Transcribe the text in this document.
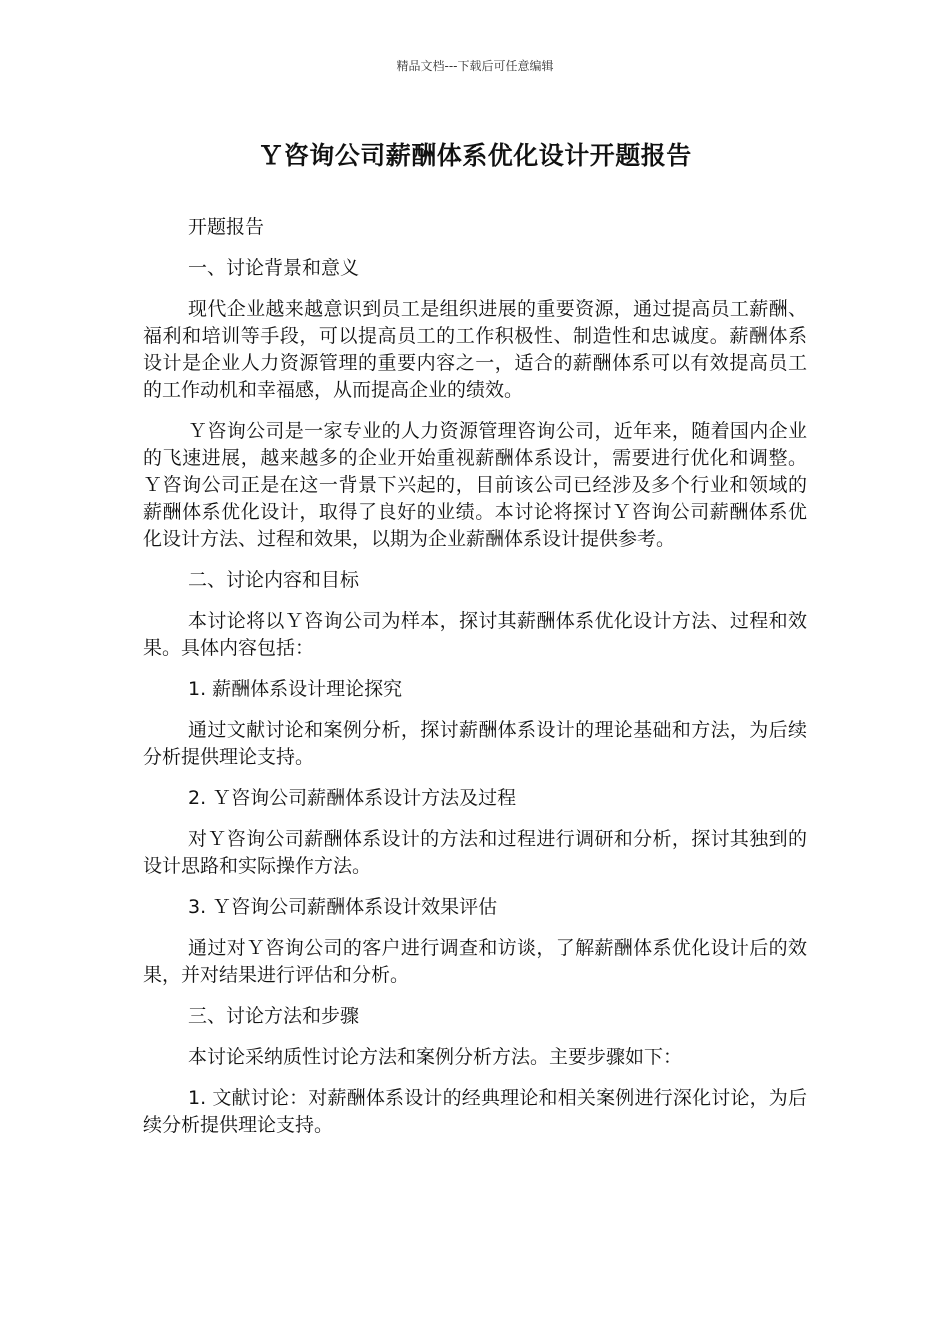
精品文档---下载后可任意编辑
Ｙ咨询公司薪酬体系优化设计开题报告

开题报告

一、讨论背景和意义

现代企业越来越意识到员工是组织进展的重要资源，通过提高员工薪酬、福利和培训等手段，可以提高员工的工作积极性、制造性和忠诚度。薪酬体系设计是企业人力资源管理的重要内容之一，适合的薪酬体系可以有效提高员工的工作动机和幸福感，从而提高企业的绩效。

Ｙ咨询公司是一家专业的人力资源管理咨询公司，近年来，随着国内企业的飞速进展，越来越多的企业开始重视薪酬体系设计，需要进行优化和调整。Ｙ咨询公司正是在这一背景下兴起的，目前该公司已经涉及多个行业和领域的薪酬体系优化设计，取得了良好的业绩。本讨论将探讨Ｙ咨询公司薪酬体系优化设计方法、过程和效果，以期为企业薪酬体系设计提供参考。

二、讨论内容和目标

本讨论将以Ｙ咨询公司为样本，探讨其薪酬体系优化设计方法、过程和效果。具体内容包括：

1. 薪酬体系设计理论探究

通过文献讨论和案例分析，探讨薪酬体系设计的理论基础和方法，为后续分析提供理论支持。

2. Ｙ咨询公司薪酬体系设计方法及过程

对Ｙ咨询公司薪酬体系设计的方法和过程进行调研和分析，探讨其独到的设计思路和实际操作方法。

3. Ｙ咨询公司薪酬体系设计效果评估

通过对Ｙ咨询公司的客户进行调查和访谈，了解薪酬体系优化设计后的效果，并对结果进行评估和分析。

三、讨论方法和步骤

本讨论采纳质性讨论方法和案例分析方法。主要步骤如下：

1. 文献讨论：对薪酬体系设计的经典理论和相关案例进行深化讨论，为后续分析提供理论支持。
